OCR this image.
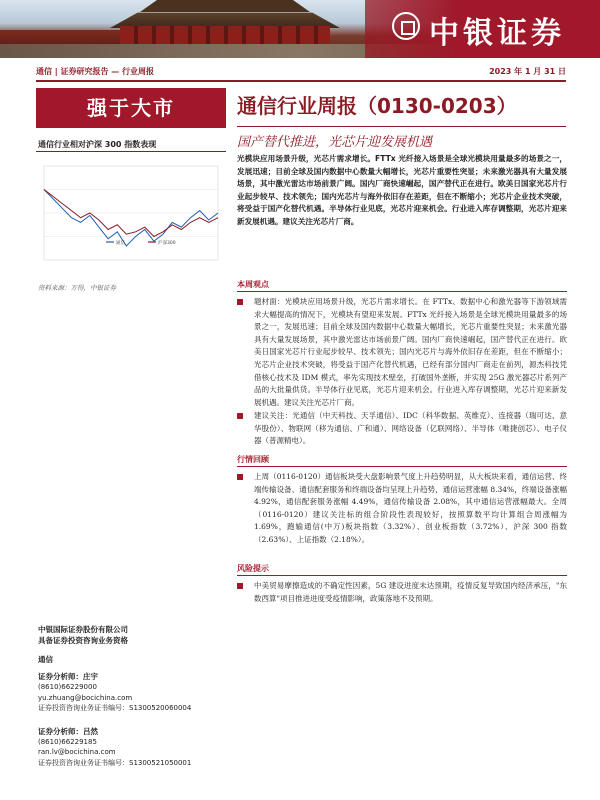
中银证券
通信 | 证券研究报告 — 行业周报	2023 年 1 月 31 日
强于大市	通信行业周报（0130-0203）
国产替代推进，光芯片迎发展机遇
通信行业相对沪深 300 指数表现
通信	沪深300
资料来源：万得，中银证券
中银国际证券股份有限公司
具备证券投资咨询业务资格
通信
证券分析师：庄宇
(8610)66229000
yu.zhuang@bocichina.com
证券投资咨询业务证书编号：S1300520060004
证券分析师：吕然
(8610)66229185
ran.lv@bocichina.com
证券投资咨询业务证书编号：S1300521050001
光模块应用场景升级，光芯片需求增长。FTTx 光纤接入场景是全球光模块用量最多的场景之一，发展迅速；目前全球及国内数据中心数量大幅增长，光芯片重要性突显；未来激光器具有大量发展场景，其中激光雷达市场前景广阔。国内厂商快速崛起，国产替代正在进行。欧美日国家光芯片行业起步较早、技术领先；国内光芯片与海外依旧存在差距，但在不断缩小；光芯片企业技术突破，将受益于国产化替代机遇。半导体行业见底，光芯片迎来机会。行业进入库存调整期，光芯片迎来新发展机遇。建议关注光芯片厂商。
本周观点
题材面：光模块应用场景升级，光芯片需求增长。在 FTTx、数据中心和激光器等下游领域需求大幅提高的情况下，光模块有望迎来发展。FTTx 光纤接入场景是全球光模块用量最多的场景之一，发展迅速；目前全球及国内数据中心数量大幅增长，光芯片重要性突显；未来激光器具有大量发展场景，其中激光雷达市场前景广阔。国内厂商快速崛起，国产替代正在进行。欧美日国家光芯片行业起步较早、技术领先；国内光芯片与海外依旧存在差距，但在不断缩小；光芯片企业技术突破，将受益于国产化替代机遇，已经有部分国内厂商走在前列，源杰科技凭借核心技术及 IDM 模式，率先实现技术壁垒，打破国外垄断，并实现 25G 激光器芯片系列产品的大批量供货。半导体行业见底，光芯片迎来机会。行业进入库存调整期，光芯片迎来新发展机遇。建议关注光芯片厂商。
建议关注：光通信（中天科技、天孚通信）、IDC（科华数据、英维克）、连接器（瑞可达、意华股份）、物联网（移为通信、广和通）、网络设备（亿联网络）、半导体（唯捷创芯）、电子仪器（普源精电）。
行情回顾
上周（0116-0120）通信板块受大盘影响景气度上升趋势明显，从大板块来看，通信运营、终端传输设备、通信配套服务和终端设备均呈现上升趋势，通信运营涨幅 8.34%，终端设备涨幅 4.92%，通信配套服务涨幅 4.49%，通信传输设备 2.08%，其中通信运营涨幅最大。全周（0116-0120）建议关注标的组合阶段性表现较好，按照算数平均计算组合周涨幅为 1.69%，跑输通信(中万)板块指数（3.32%）、创业板指数（3.72%）、沪深 300 指数（2.63%）、上证指数（2.18%）。
风险提示
中美贸易摩擦造成的不确定性因素，5G 建设进度未达预期，疫情反复导致国内经济承压，"东数西算"项目推进进度受疫情影响，政策落地不及预期。
